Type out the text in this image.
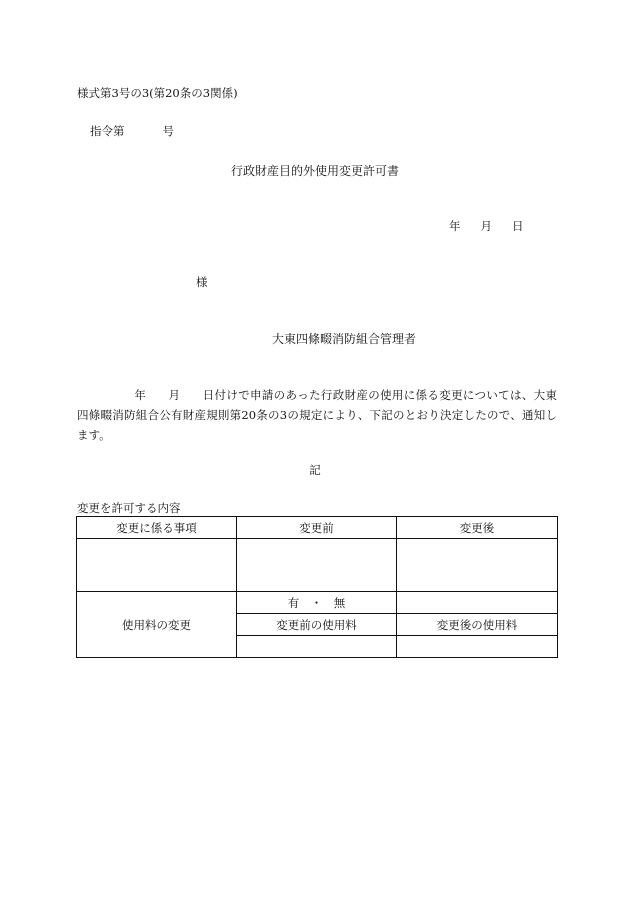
様式第3号の3(第20条の3関係)
指令第	号
行政財産目的外使用変更許可書
年 月 日
様
大東四條畷消防組合管理者
年 月 日付けで申請のあった行政財産の使用に係る変更については、大東四條畷消防組合公有財産規則第20条の3の規定により、下記のとおり決定したので、通知します。
記
変更を許可する内容
変更に係る事項	変更前	変更後

使用料の変更	有　・　無	
	変更前の使用料	変更後の使用料
